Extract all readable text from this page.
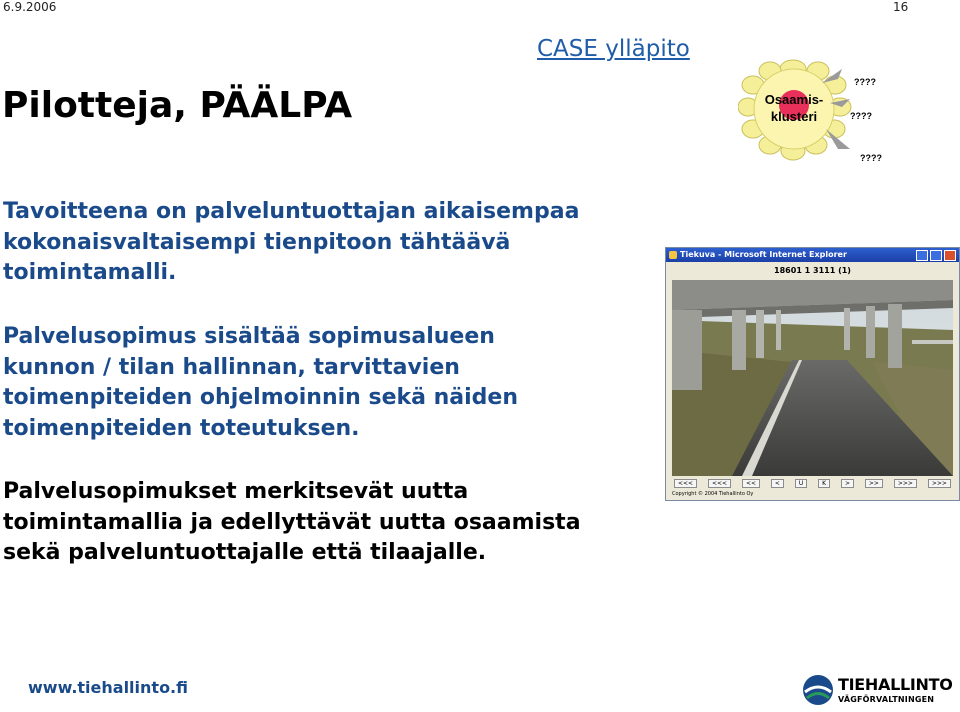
6.9.2006	16
Pilotteja, PÄÄLPA
CASE ylläpito
Osaamis-
klusteri
????
????
????
Tavoitteena on palveluntuottajan aikaisempaa
kokonaisvaltaisempi tienpitoon tähtäävä
toimintamalli.
Palvelusopimus sisältää sopimusalueen
kunnon / tilan hallinnan, tarvittavien
toimenpiteiden ohjelmoinnin sekä näiden
toimenpiteiden toteutuksen.
Palvelusopimukset merkitsevät uutta
toimintamallia ja edellyttävät uutta osaamista
sekä palveluntuottajalle että tilaajalle.
Tiekuva - Microsoft Internet Explorer
18601 1 3111 (1)
<<<	<<<	<<	<	U	K	>	>>	>>>	>>>
Copyright © 2004 Tiehallinto Oy
www.tiehallinto.fi	TIEHALLINTO
VÄGFÖRVALTNINGEN
